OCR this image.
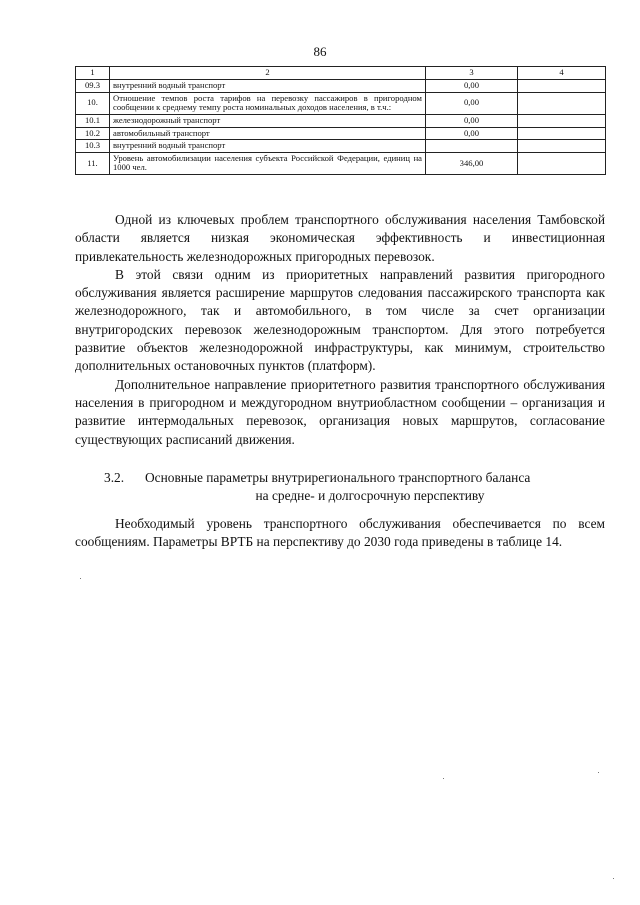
86
1	2	3	4
09.3	внутренний водный транспорт	0,00	
10.	Отношение темпов роста тарифов на перевозку пассажиров в пригородном сообщении к среднему темпу роста номинальных доходов населения, в т.ч.:	0,00	
10.1	железнодорожный транспорт	0,00	
10.2	автомобильный транспорт	0,00	
10.3	внутренний водный транспорт		
11.	Уровень автомобилизации населения субъекта Российской Федерации, единиц на 1000 чел.	346,00	

Одной из ключевых проблем транспортного обслуживания населения Тамбовской области является низкая экономическая эффективность и инвестиционная привлекательность железнодорожных пригородных перевозок.

В этой связи одним из приоритетных направлений развития пригородного обслуживания является расширение маршрутов следования пассажирского транспорта как железнодорожного, так и автомобильного, в том числе за счет организации внутригородских перевозок железнодорожным транспортом. Для этого потребуется развитие объектов железнодорожной инфраструктуры, как минимум, строительство дополнительных остановочных пунктов (платформ).

Дополнительное направление приоритетного развития транспортного обслуживания населения в пригородном и междугородном внутриобластном сообщении – организация и развитие интермодальных перевозок, организация новых маршрутов, согласование существующих расписаний движения.

3.2.	Основные параметры внутрирегионального транспортного баланса
на средне- и долгосрочную перспективу

Необходимый уровень транспортного обслуживания обеспечивается по всем сообщениям. Параметры ВРТБ на перспективу до 2030 года приведены в таблице 14.
